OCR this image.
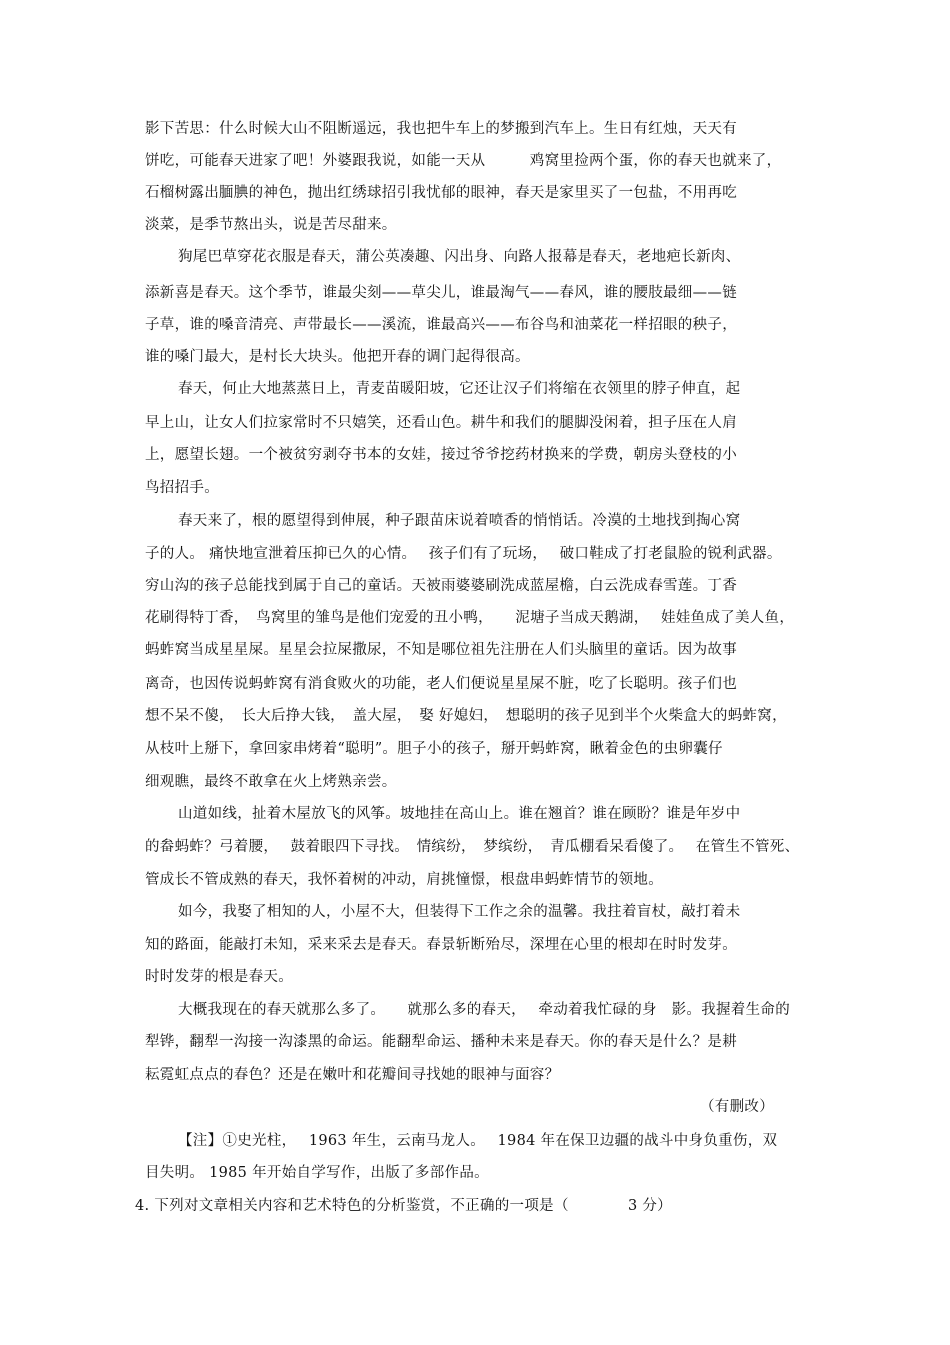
影下苦思：什么时候大山不阻断遥远，我也把牛车上的梦搬到汽车上。生日有红烛，天天有
饼吃，可能春天进家了吧！外婆跟我说，如能一天从　　　鸡窝里捡两个蛋，你的春天也就来了，
石榴树露出腼腆的神色，抛出红绣球招引我忧郁的眼神，春天是家里买了一包盐，不用再吃
淡菜，是季节熬出头，说是苦尽甜来。
狗尾巴草穿花衣服是春天，蒲公英凑趣、闪出身、向路人报幕是春天，老地疤长新肉、
添新喜是春天。这个季节，谁最尖刻——草尖儿，谁最淘气——春风，谁的腰肢最细——链
子草，谁的嗓音清亮、声带最长——溪流，谁最高兴——布谷鸟和油菜花一样招眼的秧子，
谁的嗓门最大，是村长大块头。他把开春的调门起得很高。
春天，何止大地蒸蒸日上，青麦苗暖阳坡，它还让汉子们将缩在衣领里的脖子伸直，起
早上山，让女人们拉家常时不只嬉笑，还看山色。耕牛和我们的腿脚没闲着，担子压在人肩
上，愿望长翅。一个被贫穷剥夺书本的女娃，接过爷爷挖药材换来的学费，朝房头登枝的小
鸟招招手。
春天来了，根的愿望得到伸展，种子跟苗床说着喷香的悄悄话。冷漠的土地找到掏心窝
子的人。 痛快地宣泄着压抑已久的心情。　 孩子们有了玩场，　 破口鞋成了打老鼠脸的锐利武器。
穷山沟的孩子总能找到属于自己的童话。天被雨婆婆刷洗成蓝屋檐，白云洗成春雪莲。丁香
花刷得特丁香，　鸟窝里的雏鸟是他们宠爱的丑小鸭，　　泥塘子当成天鹅湖，　 娃娃鱼成了美人鱼，
蚂蚱窝当成星星屎。星星会拉屎撒尿，不知是哪位祖先注册在人们头脑里的童话。因为故事
离奇，也因传说蚂蚱窝有消食败火的功能，老人们便说星星屎不脏，吃了长聪明。孩子们也
想不呆不傻，　长大后挣大钱，　盖大屋，　娶 好媳妇，　想聪明的孩子见到半个火柴盒大的蚂蚱窝，
从枝叶上掰下，拿回家串烤着“聪明”。胆子小的孩子，掰开蚂蚱窝，瞅着金色的虫卵囊仔
细观瞧，最终不敢拿在火上烤熟亲尝。
山道如线，扯着木屋放飞的风筝。坡地挂在高山上。谁在翘首？谁在顾盼？谁是年岁中
的畚蚂蚱？弓着腰，　 鼓着眼四下寻找。　情缤纷，　梦缤纷，　青瓜棚看呆看傻了。　 在管生不管死、
管成长不管成熟的春天，我怀着树的冲动，肩挑憧憬，根盘串蚂蚱情节的领地。
如今，我娶了相知的人，小屋不大，但装得下工作之余的温馨。我拄着盲杖，敲打着未
知的路面，能敲打未知，采来采去是春天。春景斩断殆尽，深埋在心里的根却在时时发芽。
时时发芽的根是春天。
大概我现在的春天就那么多了。　　就那么多的春天，　 牵动着我忙碌的身　影。我握着生命的
犁铧，翻犁一沟接一沟漆黑的命运。能翻犁命运、播种未来是春天。你的春天是什么？是耕
耘霓虹点点的春色？还是在嫩叶和花瓣间寻找她的眼神与面容？
（有删改）
【注】①史光柱，　 1963 年生，云南马龙人。　 1984 年在保卫边疆的战斗中身负重伤，双
目失明。 1985 年开始自学写作，出版了多部作品。
4. 下列对文章相关内容和艺术特色的分析鉴赏，不正确的一项是（　　　　3 分）
